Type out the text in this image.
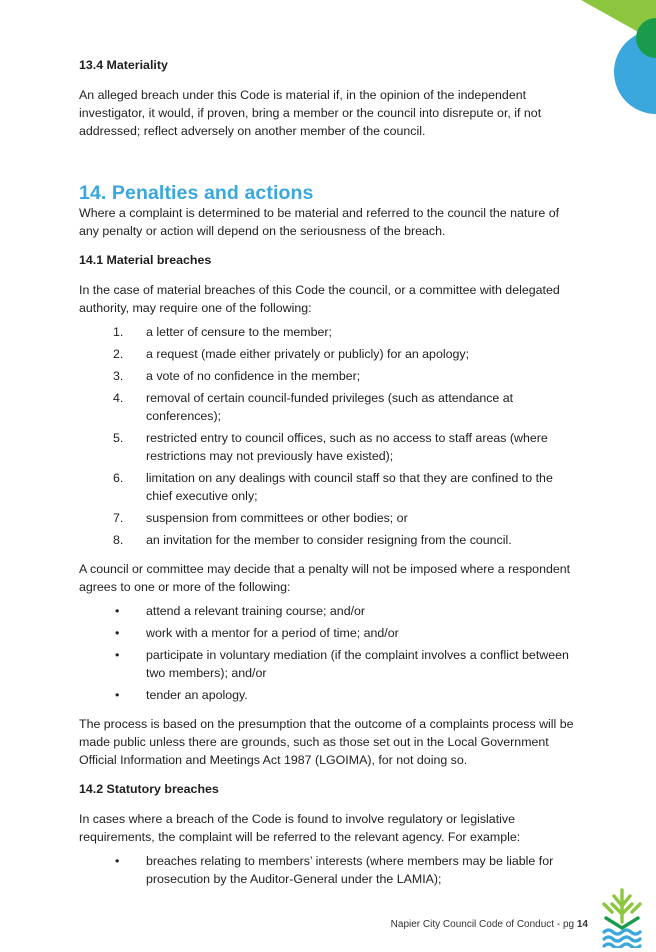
13.4 Materiality

An alleged breach under this Code is material if, in the opinion of the independent investigator, it would, if proven, bring a member or the council into disrepute or, if not addressed; reflect adversely on another member of the council.

14. Penalties and actions

Where a complaint is determined to be material and referred to the council the nature of any penalty or action will depend on the seriousness of the breach.

14.1 Material breaches

In the case of material breaches of this Code the council, or a committee with delegated authority, may require one of the following:

1. a letter of censure to the member;
2. a request (made either privately or publicly) for an apology;
3. a vote of no confidence in the member;
4. removal of certain council-funded privileges (such as attendance at conferences);
5. restricted entry to council offices, such as no access to staff areas (where restrictions may not previously have existed);
6. limitation on any dealings with council staff so that they are confined to the chief executive only;
7. suspension from committees or other bodies; or
8. an invitation for the member to consider resigning from the council.

A council or committee may decide that a penalty will not be imposed where a respondent agrees to one or more of the following:

• attend a relevant training course; and/or
• work with a mentor for a period of time; and/or
• participate in voluntary mediation (if the complaint involves a conflict between two members); and/or
• tender an apology.

The process is based on the presumption that the outcome of a complaints process will be made public unless there are grounds, such as those set out in the Local Government Official Information and Meetings Act 1987 (LGOIMA), for not doing so.

14.2 Statutory breaches

In cases where a breach of the Code is found to involve regulatory or legislative requirements, the complaint will be referred to the relevant agency. For example:

• breaches relating to members’ interests (where members may be liable for prosecution by the Auditor-General under the LAMIA);
Napier City Council Code of Conduct - pg 14
